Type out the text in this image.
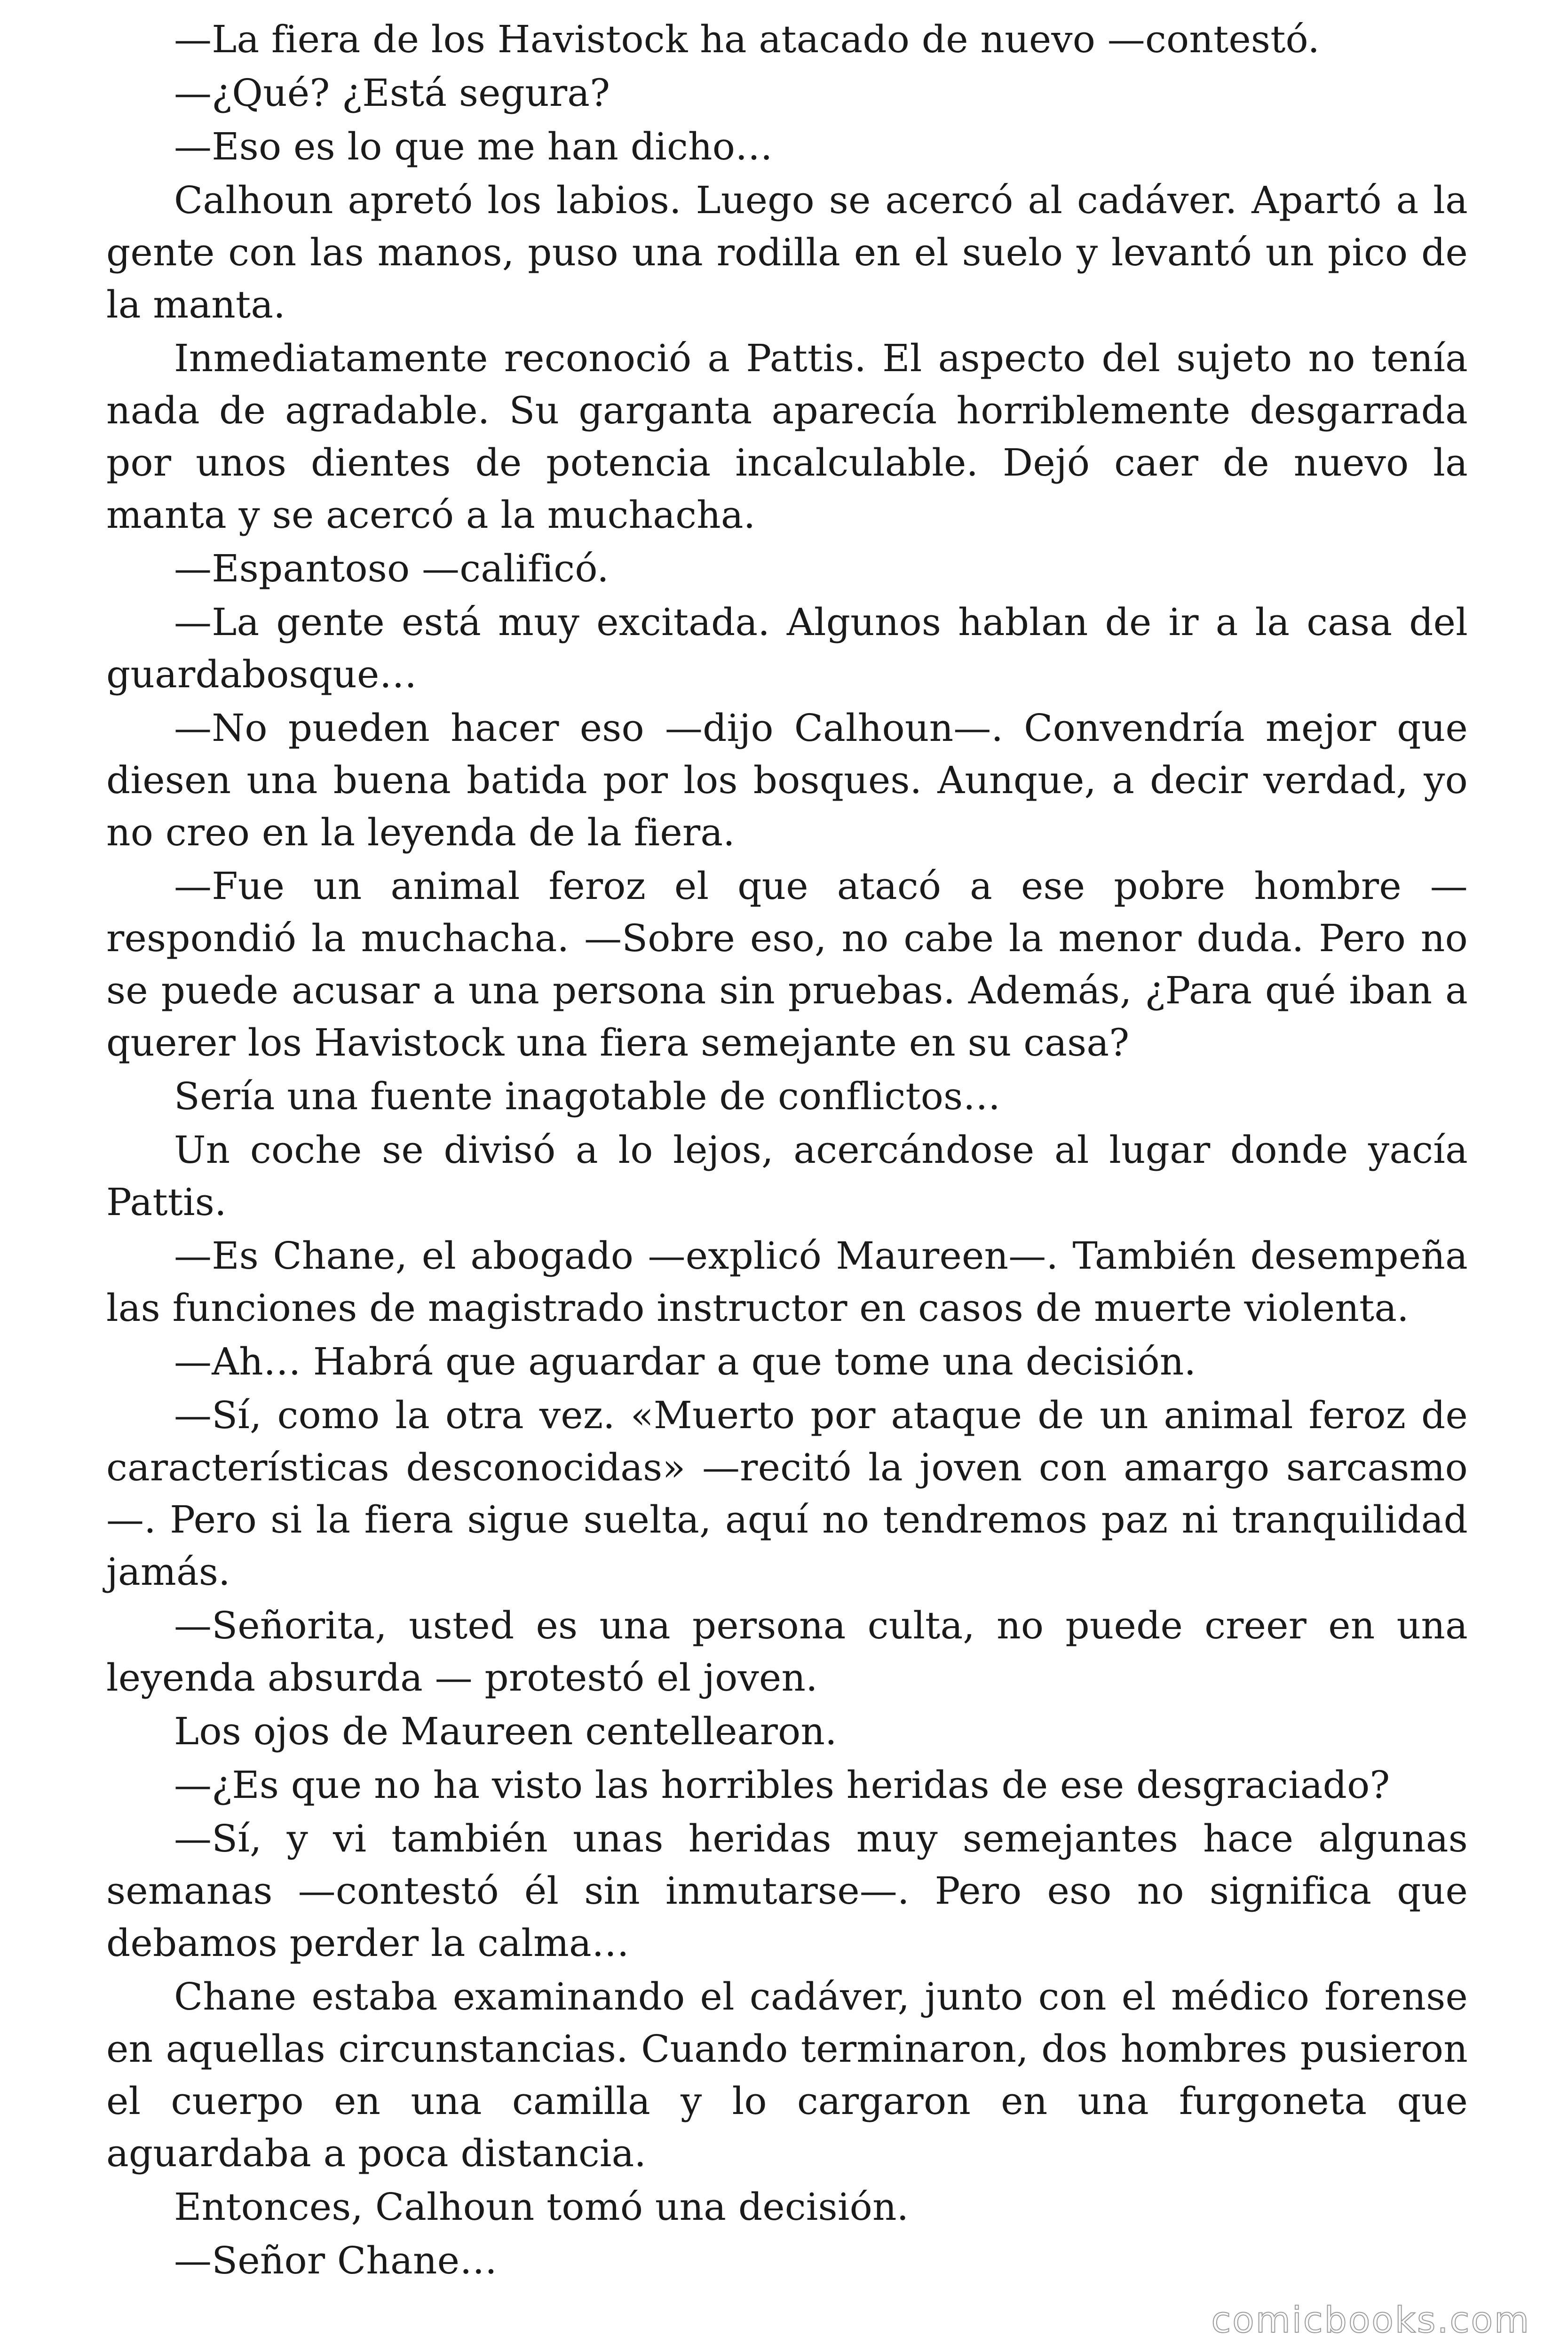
—La fiera de los Havistock ha atacado de nuevo —contestó.

—¿Qué? ¿Está segura?

—Eso es lo que me han dicho…

Calhoun apretó los labios. Luego se acercó al cadáver. Apartó a la gente con las manos, puso una rodilla en el suelo y levantó un pico de la manta.

Inmediatamente reconoció a Pattis. El aspecto del sujeto no tenía nada de agradable. Su garganta aparecía horriblemente desgarrada por unos dientes de potencia incalculable. Dejó caer de nuevo la manta y se acercó a la muchacha.

—Espantoso —calificó.

—La gente está muy excitada. Algunos hablan de ir a la casa del guardabosque…

—No pueden hacer eso —dijo Calhoun—. Convendría mejor que diesen una buena batida por los bosques. Aunque, a decir verdad, yo no creo en la leyenda de la fiera.

—Fue un animal feroz el que atacó a ese pobre hombre — respondió la muchacha. —Sobre eso, no cabe la menor duda. Pero no se puede acusar a una persona sin pruebas. Además, ¿Para qué iban a querer los Havistock una fiera semejante en su casa?

Sería una fuente inagotable de conflictos…

Un coche se divisó a lo lejos, acercándose al lugar donde yacía Pattis.

—Es Chane, el abogado —explicó Maureen—. También desempeña las funciones de magistrado instructor en casos de muerte violenta.

—Ah… Habrá que aguardar a que tome una decisión.

—Sí, como la otra vez. «Muerto por ataque de un animal feroz de características desconocidas» —recitó la joven con amargo sarcasmo —. Pero si la fiera sigue suelta, aquí no tendremos paz ni tranquilidad jamás.

—Señorita, usted es una persona culta, no puede creer en una leyenda absurda — protestó el joven.

Los ojos de Maureen centellearon.

—¿Es que no ha visto las horribles heridas de ese desgraciado?

—Sí, y vi también unas heridas muy semejantes hace algunas semanas —contestó él sin inmutarse—. Pero eso no significa que debamos perder la calma…

Chane estaba examinando el cadáver, junto con el médico forense en aquellas circunstancias. Cuando terminaron, dos hombres pusieron el cuerpo en una camilla y lo cargaron en una furgoneta que aguardaba a poca distancia.

Entonces, Calhoun tomó una decisión.

—Señor Chane…

comicbooks.com
